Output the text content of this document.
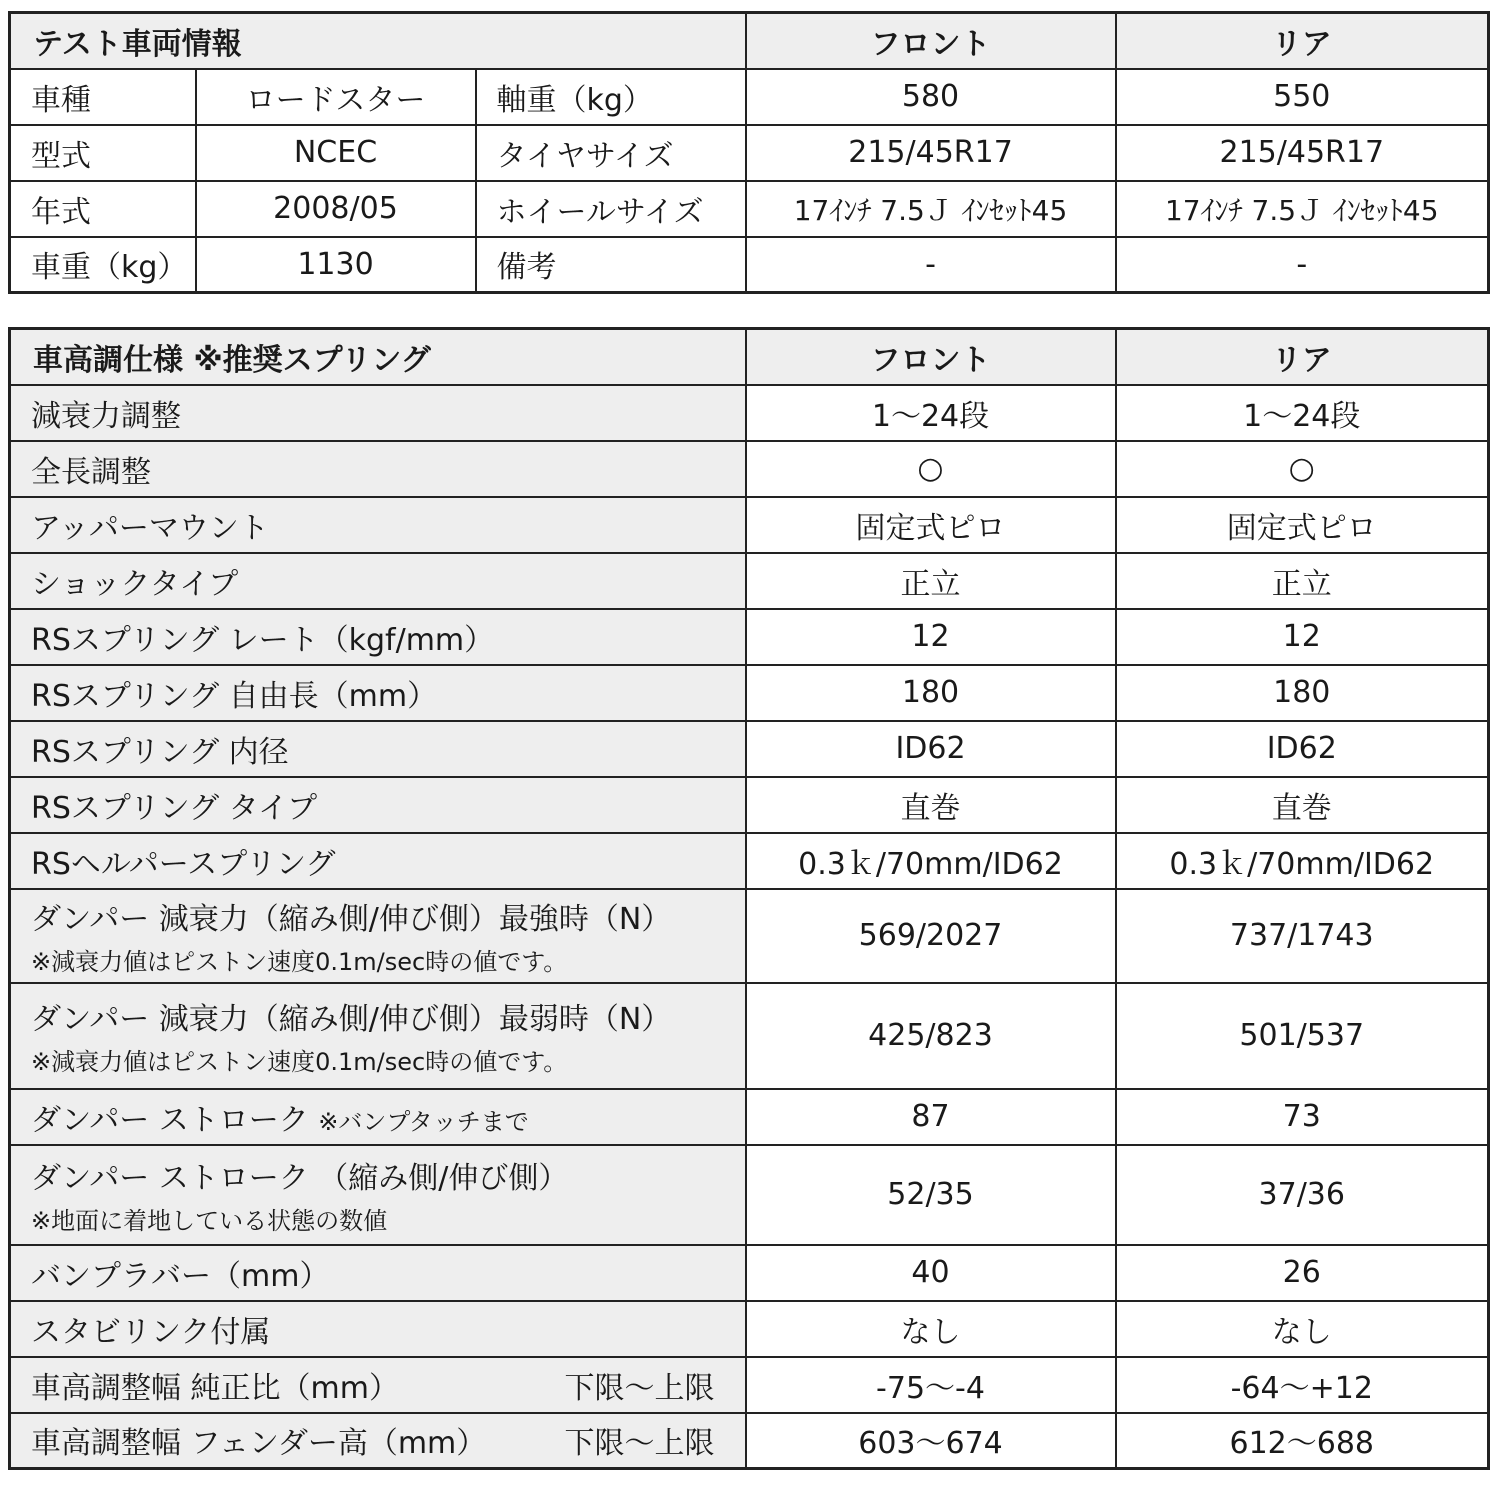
テスト車両情報			フロント	リア
車種	ロードスター	軸重（kg）	580	550
型式	NCEC	タイヤサイズ	215/45R17	215/45R17
年式	2008/05	ホイールサイズ	17ｲﾝﾁ 7.5Ｊ ｲﾝｾｯﾄ45	17ｲﾝﾁ 7.5Ｊ ｲﾝｾｯﾄ45
車重（kg）	1130	備考	-	-
車高調仕様 ※推奨スプリング	フロント	リア
減衰力調整	1～24段	1～24段
全長調整	○	○
アッパーマウント	固定式ピロ	固定式ピロ
ショックタイプ	正立	正立
RSスプリング レート（kgf/mm）	12	12
RSスプリング 自由長（mm）	180	180
RSスプリング 内径	ID62	ID62
RSスプリング タイプ	直巻	直巻
RSヘルパースプリング	0.3ｋ/70mm/ID62	0.3ｋ/70mm/ID62
ダンパー 減衰力（縮み側/伸び側）最強時（N）
※減衰力値はピストン速度0.1m/sec時の値です。	569/2027	737/1743
ダンパー 減衰力（縮み側/伸び側）最弱時（N）
※減衰力値はピストン速度0.1m/sec時の値です。	425/823	501/537
ダンパー ストローク ※バンプタッチまで	87	73
ダンパー ストローク （縮み側/伸び側）
※地面に着地している状態の数値	52/35	37/36
バンプラバー（mm）	40	26
スタビリンク付属	なし	なし
車高調整幅 純正比（mm） 下限～上限	-75～-4	-64～+12
車高調整幅 フェンダー高（mm） 下限～上限	603～674	612～688
